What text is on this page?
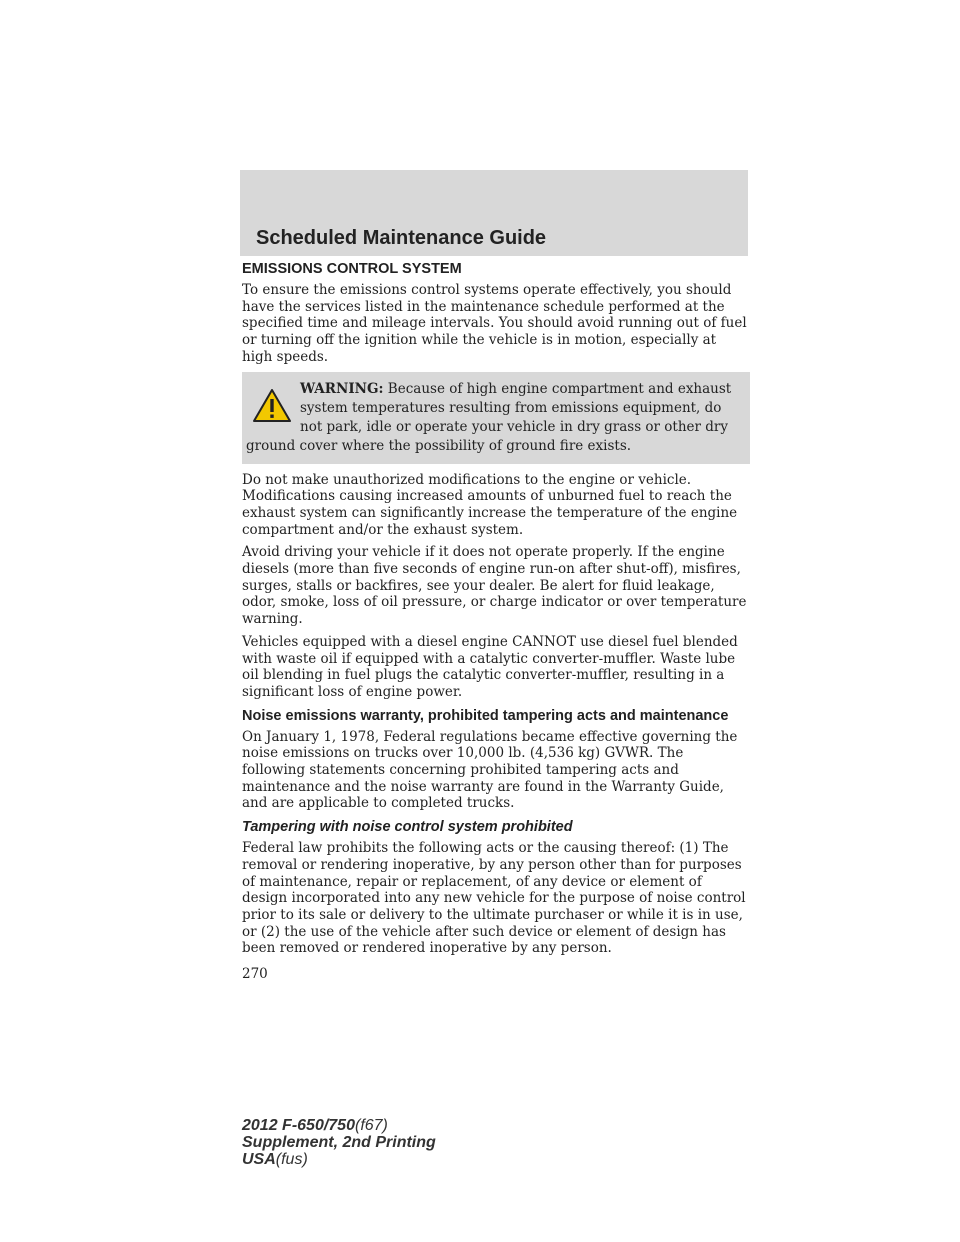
Scheduled Maintenance Guide
EMISSIONS CONTROL SYSTEM

To ensure the emissions control systems operate effectively, you should have the services listed in the maintenance schedule performed at the specified time and mileage intervals. You should avoid running out of fuel or turning off the ignition while the vehicle is in motion, especially at high speeds.

WARNING: Because of high engine compartment and exhaust system temperatures resulting from emissions equipment, do not park, idle or operate your vehicle in dry grass or other dry ground cover where the possibility of ground fire exists.

Do not make unauthorized modifications to the engine or vehicle. Modifications causing increased amounts of unburned fuel to reach the exhaust system can significantly increase the temperature of the engine compartment and/or the exhaust system.

Avoid driving your vehicle if it does not operate properly. If the engine diesels (more than five seconds of engine run-on after shut-off), misfires, surges, stalls or backfires, see your dealer. Be alert for fluid leakage, odor, smoke, loss of oil pressure, or charge indicator or over temperature warning.

Vehicles equipped with a diesel engine CANNOT use diesel fuel blended with waste oil if equipped with a catalytic converter-muffler. Waste lube oil blending in fuel plugs the catalytic converter-muffler, resulting in a significant loss of engine power.

Noise emissions warranty, prohibited tampering acts and maintenance

On January 1, 1978, Federal regulations became effective governing the noise emissions on trucks over 10,000 lb. (4,536 kg) GVWR. The following statements concerning prohibited tampering acts and maintenance and the noise warranty are found in the Warranty Guide, and are applicable to completed trucks.

Tampering with noise control system prohibited

Federal law prohibits the following acts or the causing thereof: (1) The removal or rendering inoperative, by any person other than for purposes of maintenance, repair or replacement, of any device or element of design incorporated into any new vehicle for the purpose of noise control prior to its sale or delivery to the ultimate purchaser or while it is in use, or (2) the use of the vehicle after such device or element of design has been removed or rendered inoperative by any person.

270
2012 F-650/750(f67)
Supplement, 2nd Printing
USA(fus)
